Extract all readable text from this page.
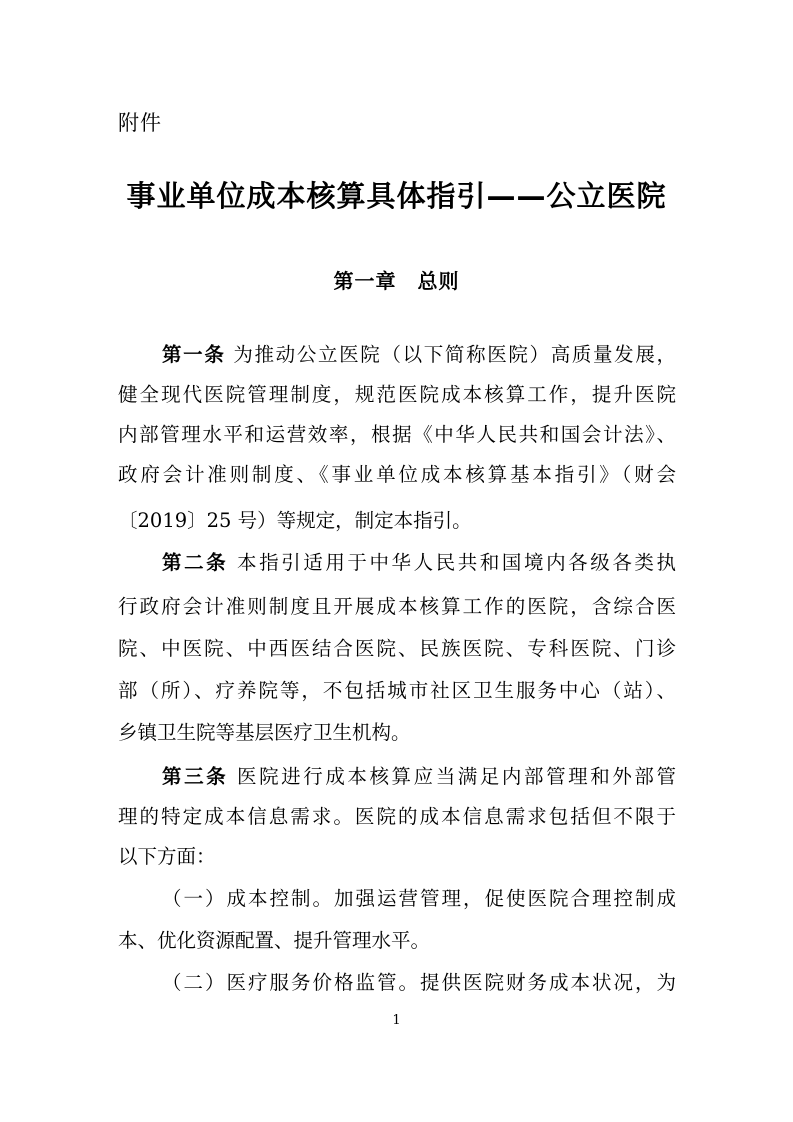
附件
事业单位成本核算具体指引——公立医院
第一章　总则
第一条 为推动公立医院（以下简称医院）高质量发展，
健全现代医院管理制度，规范医院成本核算工作，提升医院
内部管理水平和运营效率，根据《中华人民共和国会计法》、
政府会计准则制度、《事业单位成本核算基本指引》（财会
〔2019〕25 号）等规定，制定本指引。
第二条 本指引适用于中华人民共和国境内各级各类执
行政府会计准则制度且开展成本核算工作的医院，含综合医
院、中医院、中西医结合医院、民族医院、专科医院、门诊
部（所）、疗养院等，不包括城市社区卫生服务中心（站）、
乡镇卫生院等基层医疗卫生机构。
第三条 医院进行成本核算应当满足内部管理和外部管
理的特定成本信息需求。医院的成本信息需求包括但不限于
以下方面：
（一）成本控制。加强运营管理，促使医院合理控制成
本、优化资源配置、提升管理水平。
（二）医疗服务价格监管。提供医院财务成本状况，为
1
